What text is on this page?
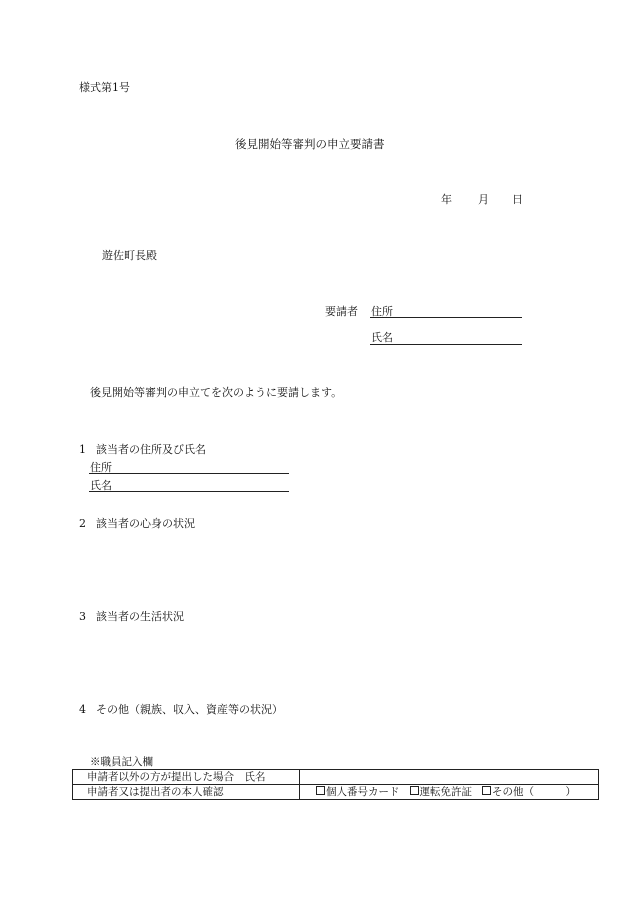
様式第1号
後見開始等審判の申立要請書
年 月 日
遊佐町長殿
要請者 住所
氏名
後見開始等審判の申立てを次のように要請します。
1 該当者の住所及び氏名
住所
氏名
2 該当者の心身の状況
3 該当者の生活状況
4 その他（親族、収入、資産等の状況）
※職員記入欄
申請者以外の方が提出した場合　氏名	
申請者又は提出者の本人確認	個人番号カード 運転免許証 その他（　　　）
